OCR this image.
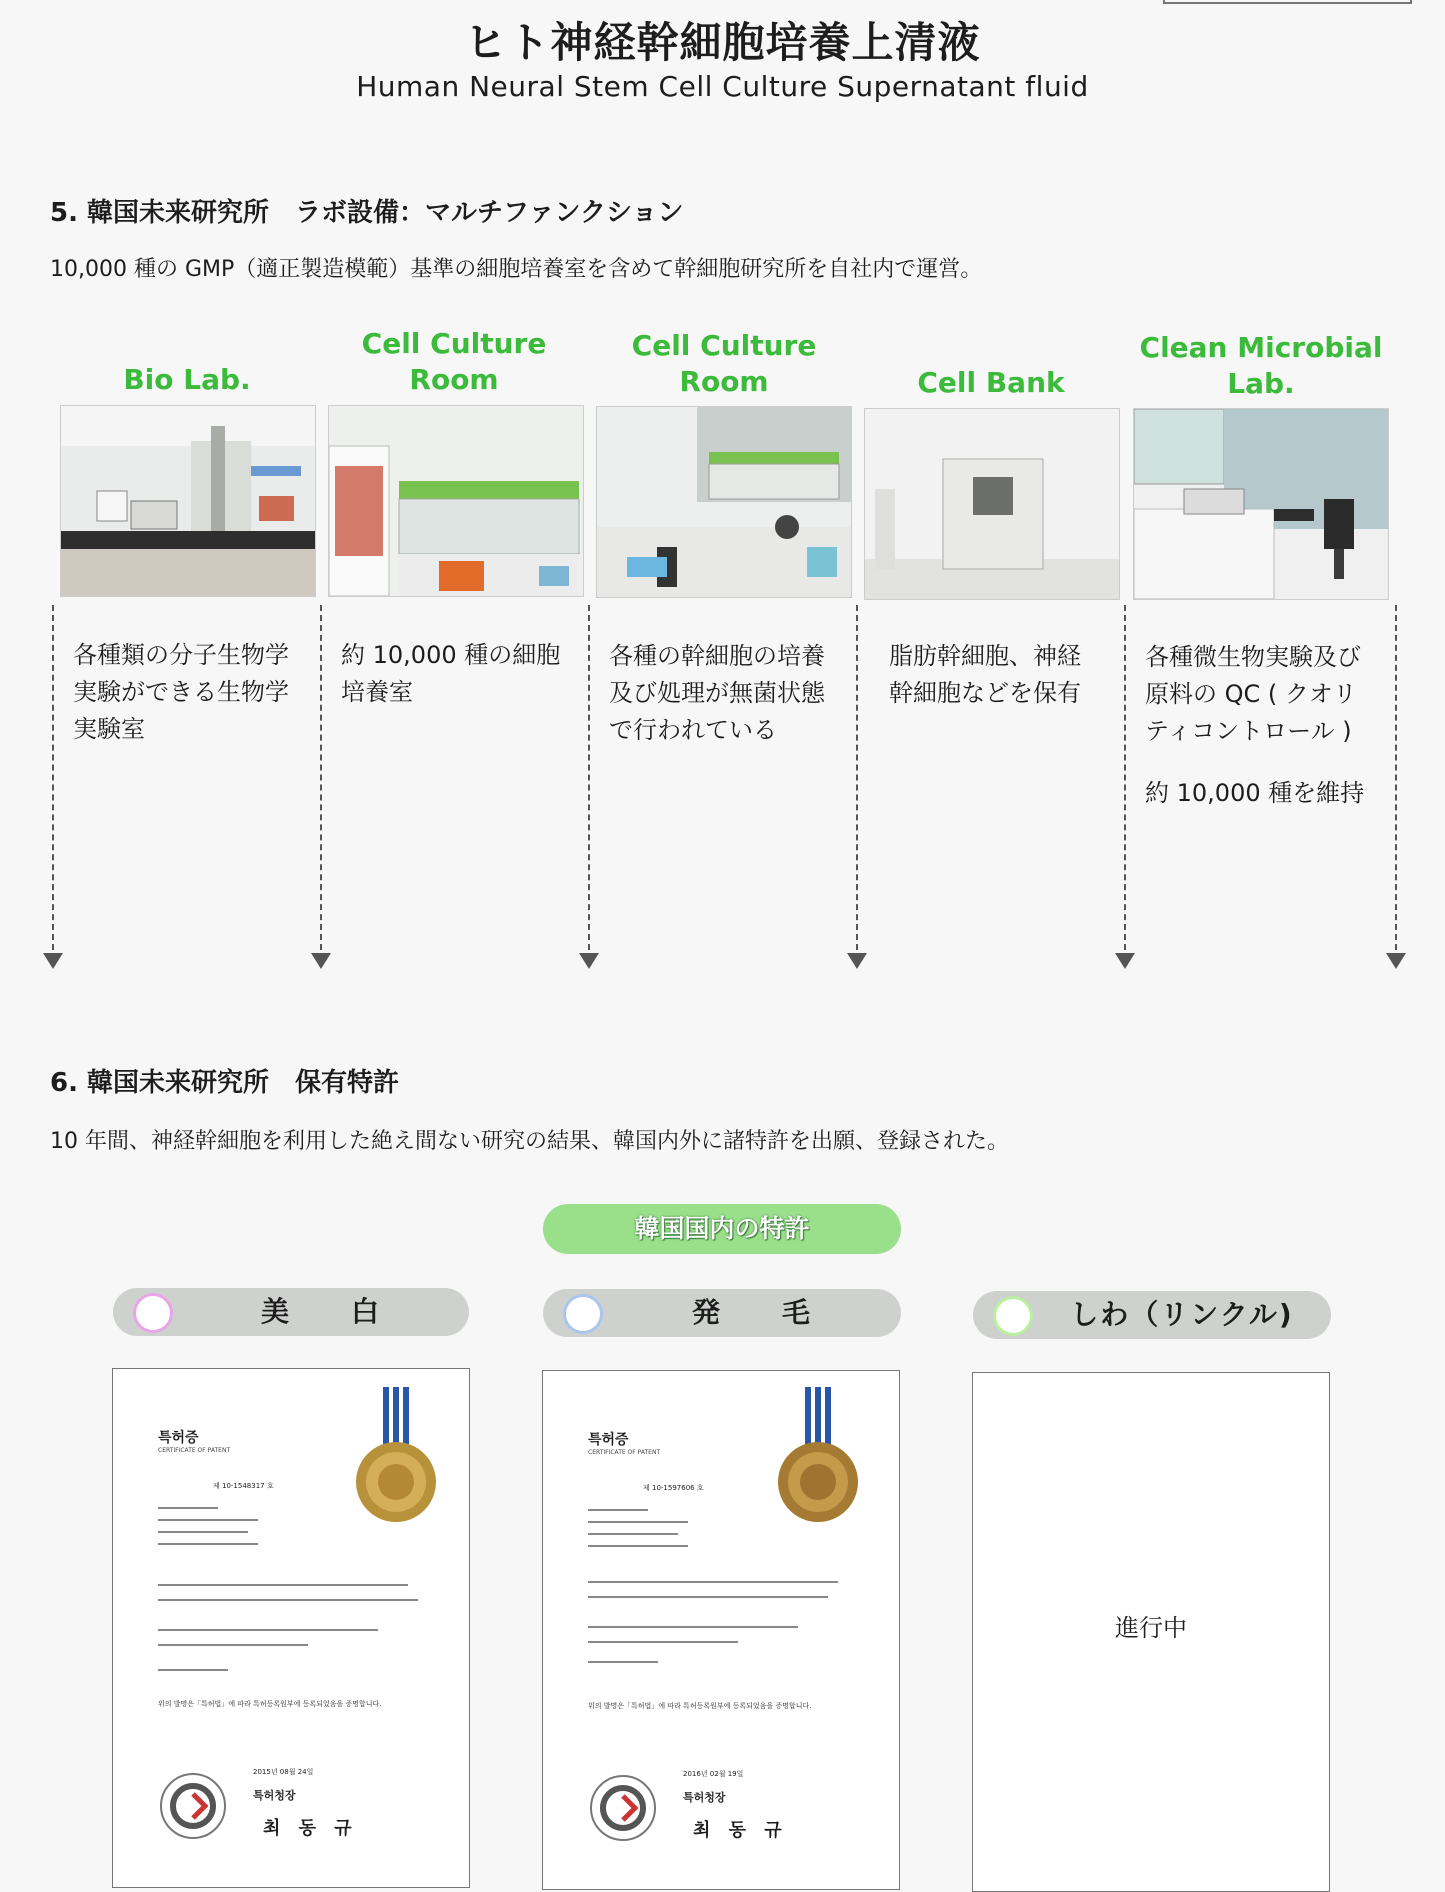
ヒト神経幹細胞培養上清液
Human Neural Stem Cell Culture Supernatant fluid
5. 韓国未来研究所　ラボ設備：マルチファンクション
10,000 種の GMP（適正製造模範）基準の細胞培養室を含めて幹細胞研究所を自社内で運営。
Bio Lab.
Cell Culture Room
Cell Culture Room	Cell Bank
Clean Microbial Lab.
各種類の分子生物学実験ができる生物学実験室
約 10,000 種の細胞培養室
各種の幹細胞の培養及び処理が無菌状態で行われている
脂肪幹細胞、神経幹細胞などを保有
各種微生物実験及び原料の QC ( クオリティコントロール )
約 10,000 種を維持
6. 韓国未来研究所　保有特許
10 年間、神経幹細胞を利用した絶え間ない研究の結果、韓国内外に諸特許を出願、登録された。
韓国国内の特許
美　　白	発　　毛	しわ（リンクル)
특허증
CERTIFICATE OF PATENT
제 10-1548317 호
위의 발명은「특허법」에 따라 특허등록원부에 등록되었음을 증명합니다.
2015년 08월 24일
특허청장
최 동 규
특허증
CERTIFICATE OF PATENT
제 10-1597606 호
위의 발명은「특허법」에 따라 특허등록원부에 등록되었음을 증명합니다.
2016년 02월 19일
특허청장
최 동 규
進行中
